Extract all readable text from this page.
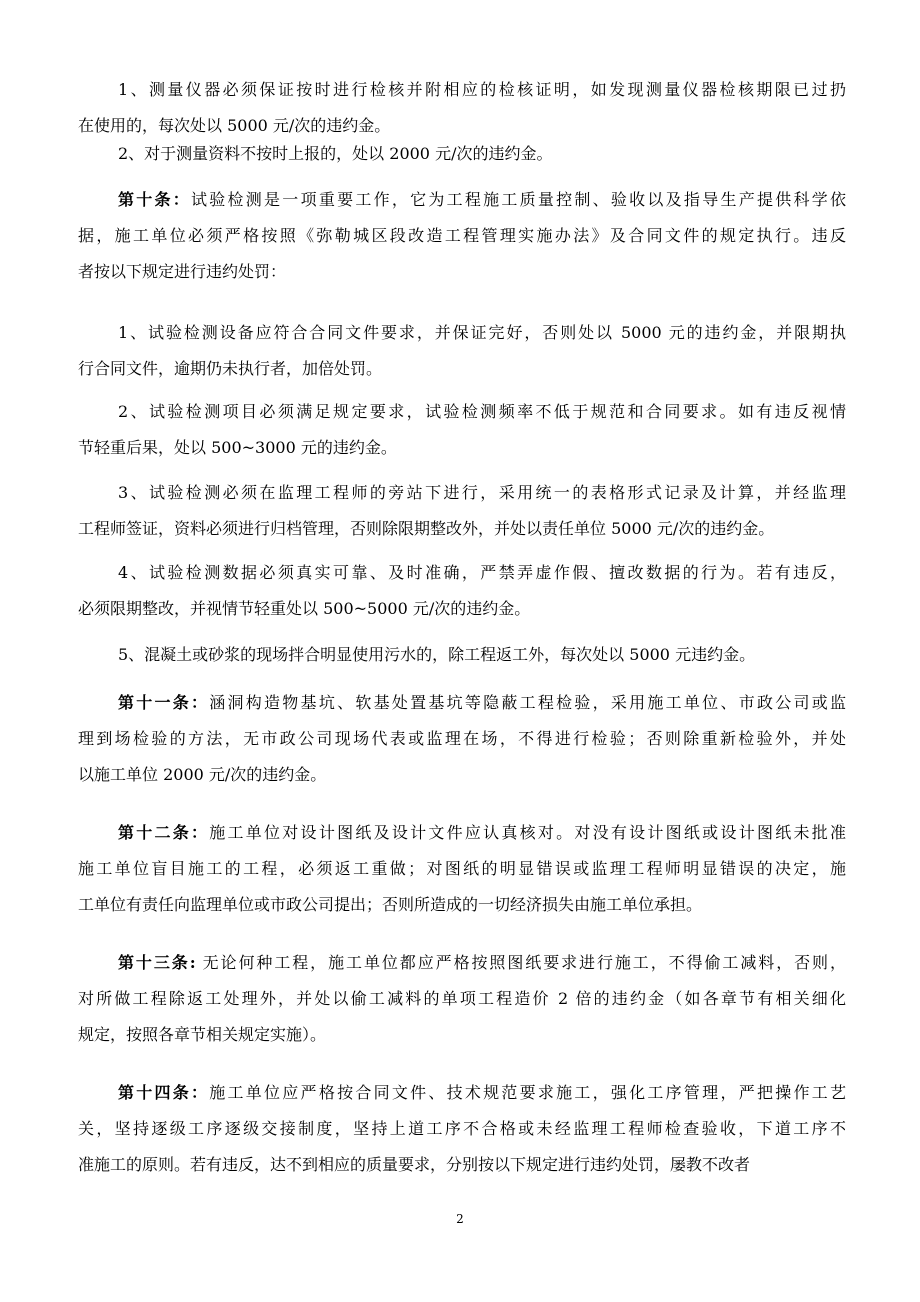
1、测量仪器必须保证按时进行检核并附相应的检核证明，如发现测量仪器检核期限已过扔
在使用的，每次处以 5000 元/次的违约金。
2、对于测量资料不按时上报的，处以 2000 元/次的违约金。
第十条：试验检测是一项重要工作，它为工程施工质量控制、验收以及指导生产提供科学依
据，施工单位必须严格按照《弥勒城区段改造工程管理实施办法》及合同文件的规定执行。违反
者按以下规定进行违约处罚：
1、试验检测设备应符合合同文件要求，并保证完好，否则处以 5000 元的违约金，并限期执
行合同文件，逾期仍未执行者，加倍处罚。
2、试验检测项目必须满足规定要求，试验检测频率不低于规范和合同要求。如有违反视情
节轻重后果，处以 500~3000 元的违约金。
3、试验检测必须在监理工程师的旁站下进行，采用统一的表格形式记录及计算，并经监理
工程师签证，资料必须进行归档管理，否则除限期整改外，并处以责任单位 5000 元/次的违约金。
4、试验检测数据必须真实可靠、及时准确，严禁弄虚作假、擅改数据的行为。若有违反，
必须限期整改，并视情节轻重处以 500~5000 元/次的违约金。
5、混凝土或砂浆的现场拌合明显使用污水的，除工程返工外，每次处以 5000 元违约金。
第十一条：涵洞构造物基坑、软基处置基坑等隐蔽工程检验，采用施工单位、市政公司或监
理到场检验的方法，无市政公司现场代表或监理在场，不得进行检验；否则除重新检验外，并处
以施工单位 2000 元/次的违约金。
第十二条：施工单位对设计图纸及设计文件应认真核对。对没有设计图纸或设计图纸未批准
施工单位盲目施工的工程，必须返工重做；对图纸的明显错误或监理工程师明显错误的决定，施
工单位有责任向监理单位或市政公司提出；否则所造成的一切经济损失由施工单位承担。
第十三条: 无论何种工程，施工单位都应严格按照图纸要求进行施工，不得偷工减料，否则，
对所做工程除返工处理外，并处以偷工减料的单项工程造价 2 倍的违约金（如各章节有相关细化
规定，按照各章节相关规定实施）。
第十四条：施工单位应严格按合同文件、技术规范要求施工，强化工序管理，严把操作工艺
关，坚持逐级工序逐级交接制度，坚持上道工序不合格或未经监理工程师检查验收，下道工序不
准施工的原则。若有违反，达不到相应的质量要求，分别按以下规定进行违约处罚，屡教不改者
2
